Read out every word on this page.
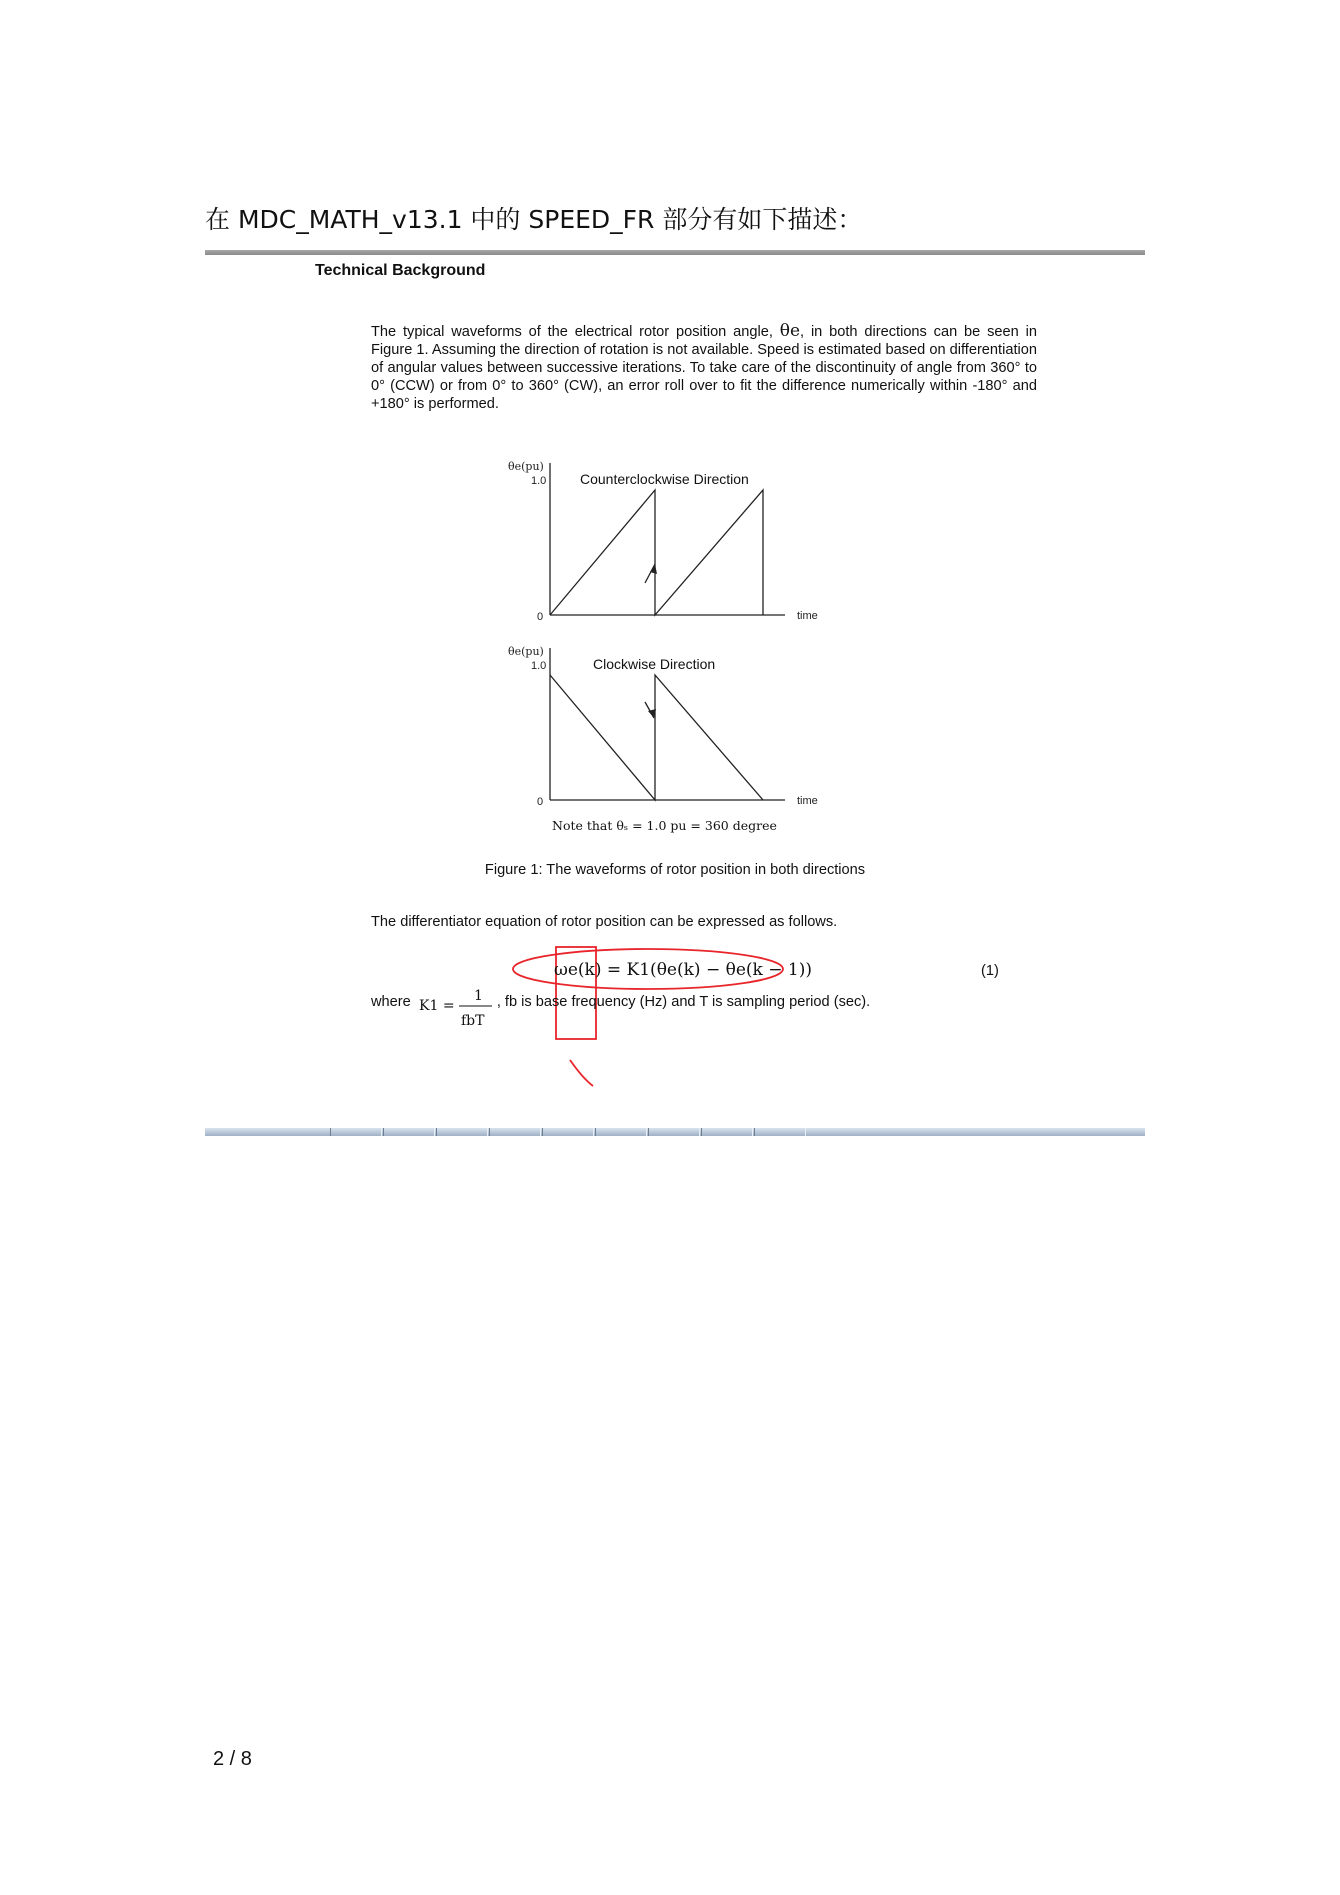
在 MDC_MATH_v13.1 中的 SPEED_FR 部分有如下描述：
Technical Background
The typical waveforms of the electrical rotor position angle, θe, in both directions can be seen in Figure 1. Assuming the direction of rotation is not available. Speed is estimated based on differentiation of angular values between successive iterations. To take care of the discontinuity of angle from 360° to 0° (CCW) or from 0° to 360° (CW), an error roll over to fit the difference numerically within -180° and +180° is performed.
θe(pu)
θe(pu)
1.0
0	time
1.0
0	time
Counterclockwise Direction
Clockwise Direction
Note that θₛ = 1.0 pu = 360 degree
ωe(k) = K1(θe(k) − θe(k − 1))
K1 =
1
fbT
Figure 1: The waveforms of rotor position in both directions
The differentiator equation of rotor position can be expressed as follows.
(1)
where	, fb is base frequency (Hz) and T is sampling period (sec).
2 / 8
